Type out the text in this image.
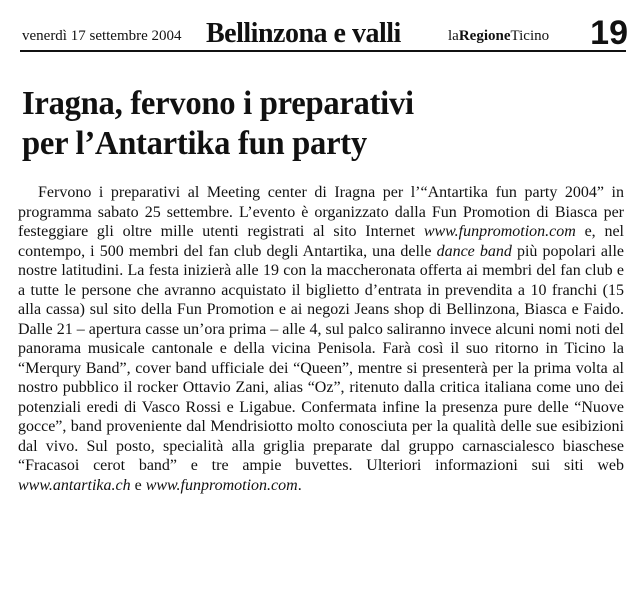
venerdì 17 settembre 2004 Bellinzona e valli	laRegioneTicino 19
Iragna, fervono i preparativi
per l’Antartika fun party

Fervono i preparativi al Meeting center di Iragna per l’“Antartika fun party 2004” in programma sabato 25 settembre. L’evento è organizzato dalla Fun Promotion di Biasca per festeggiare gli oltre mille utenti registrati al sito Internet www.funpromotion.com e, nel contempo, i 500 membri del fan club degli Antartika, una delle dance band più popolari alle nostre latitudini. La festa inizierà alle 19 con la maccheronata offerta ai membri del fan club e a tutte le persone che avranno acquistato il biglietto d’entrata in prevendita a 10 franchi (15 alla cassa) sul sito della Fun Promotion e ai negozi Jeans shop di Bellinzona, Biasca e Faido. Dalle 21 – apertura casse un’ora prima – alle 4, sul palco saliranno invece alcuni nomi noti del panorama musicale cantonale e della vicina Penisola. Farà così il suo ritorno in Ticino la “Merqury Band”, cover band ufficiale dei “Queen”, mentre si presenterà per la prima volta al nostro pubblico il rocker Ottavio Zani, alias “Oz”, ritenuto dalla critica italiana come uno dei potenziali eredi di Vasco Rossi e Ligabue. Confermata infine la presenza pure delle “Nuove gocce”, band proveniente dal Mendrisiotto molto conosciuta per la qualità delle sue esibizioni dal vivo. Sul posto, specialità alla griglia preparate dal gruppo carnascialesco biaschese “Fracasoi cerot band” e tre ampie buvettes. Ulteriori informazioni sui siti web www.antartika.ch e www.funpromotion.com.
